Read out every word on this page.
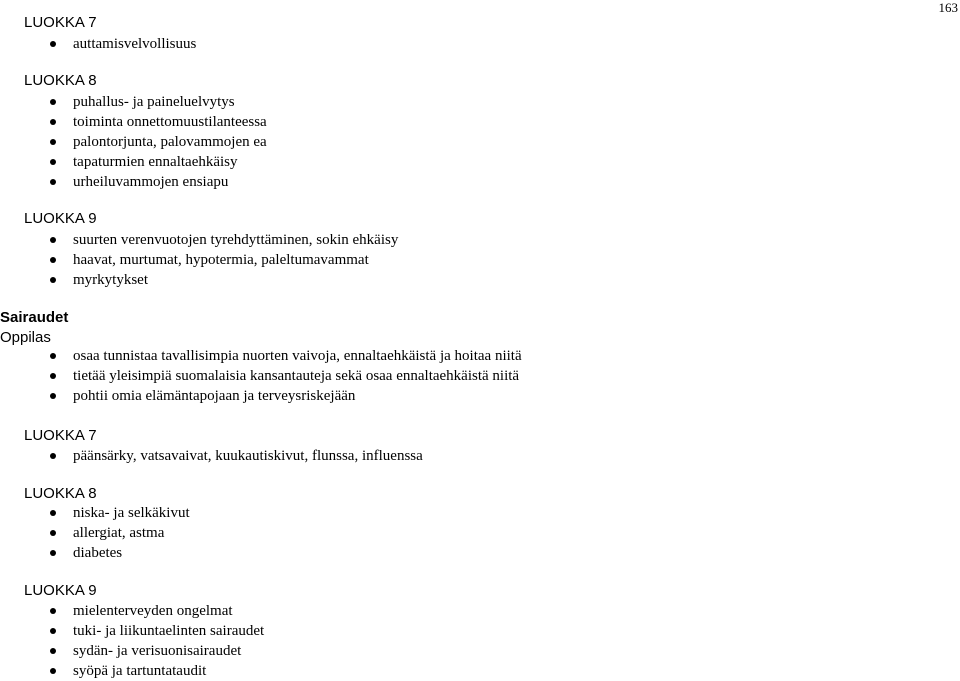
163
LUOKKA 7
auttamisvelvollisuus
LUOKKA 8
puhallus- ja paineluelvytys
toiminta onnettomuustilanteessa
palontorjunta, palovammojen ea
tapaturmien ennaltaehkäisy
urheiluvammojen ensiapu
LUOKKA 9
suurten verenvuotojen tyrehdyttäminen, sokin ehkäisy
haavat, murtumat, hypotermia, paleltumavammat
myrkytykset
Sairaudet
Oppilas
osaa tunnistaa tavallisimpia nuorten vaivoja, ennaltaehkäistä ja hoitaa niitä
tietää yleisimpiä suomalaisia kansantauteja sekä osaa ennaltaehkäistä niitä
pohtii omia elämäntapojaan ja terveysriskejään
LUOKKA 7
päänsärky, vatsavaivat, kuukautiskivut, flunssa, influenssa
LUOKKA 8
niska- ja selkäkivut
allergiat, astma
diabetes
LUOKKA 9
mielenterveyden ongelmat
tuki- ja liikuntaelinten sairaudet
sydän- ja verisuonisairaudet
syöpä ja tartuntataudit
